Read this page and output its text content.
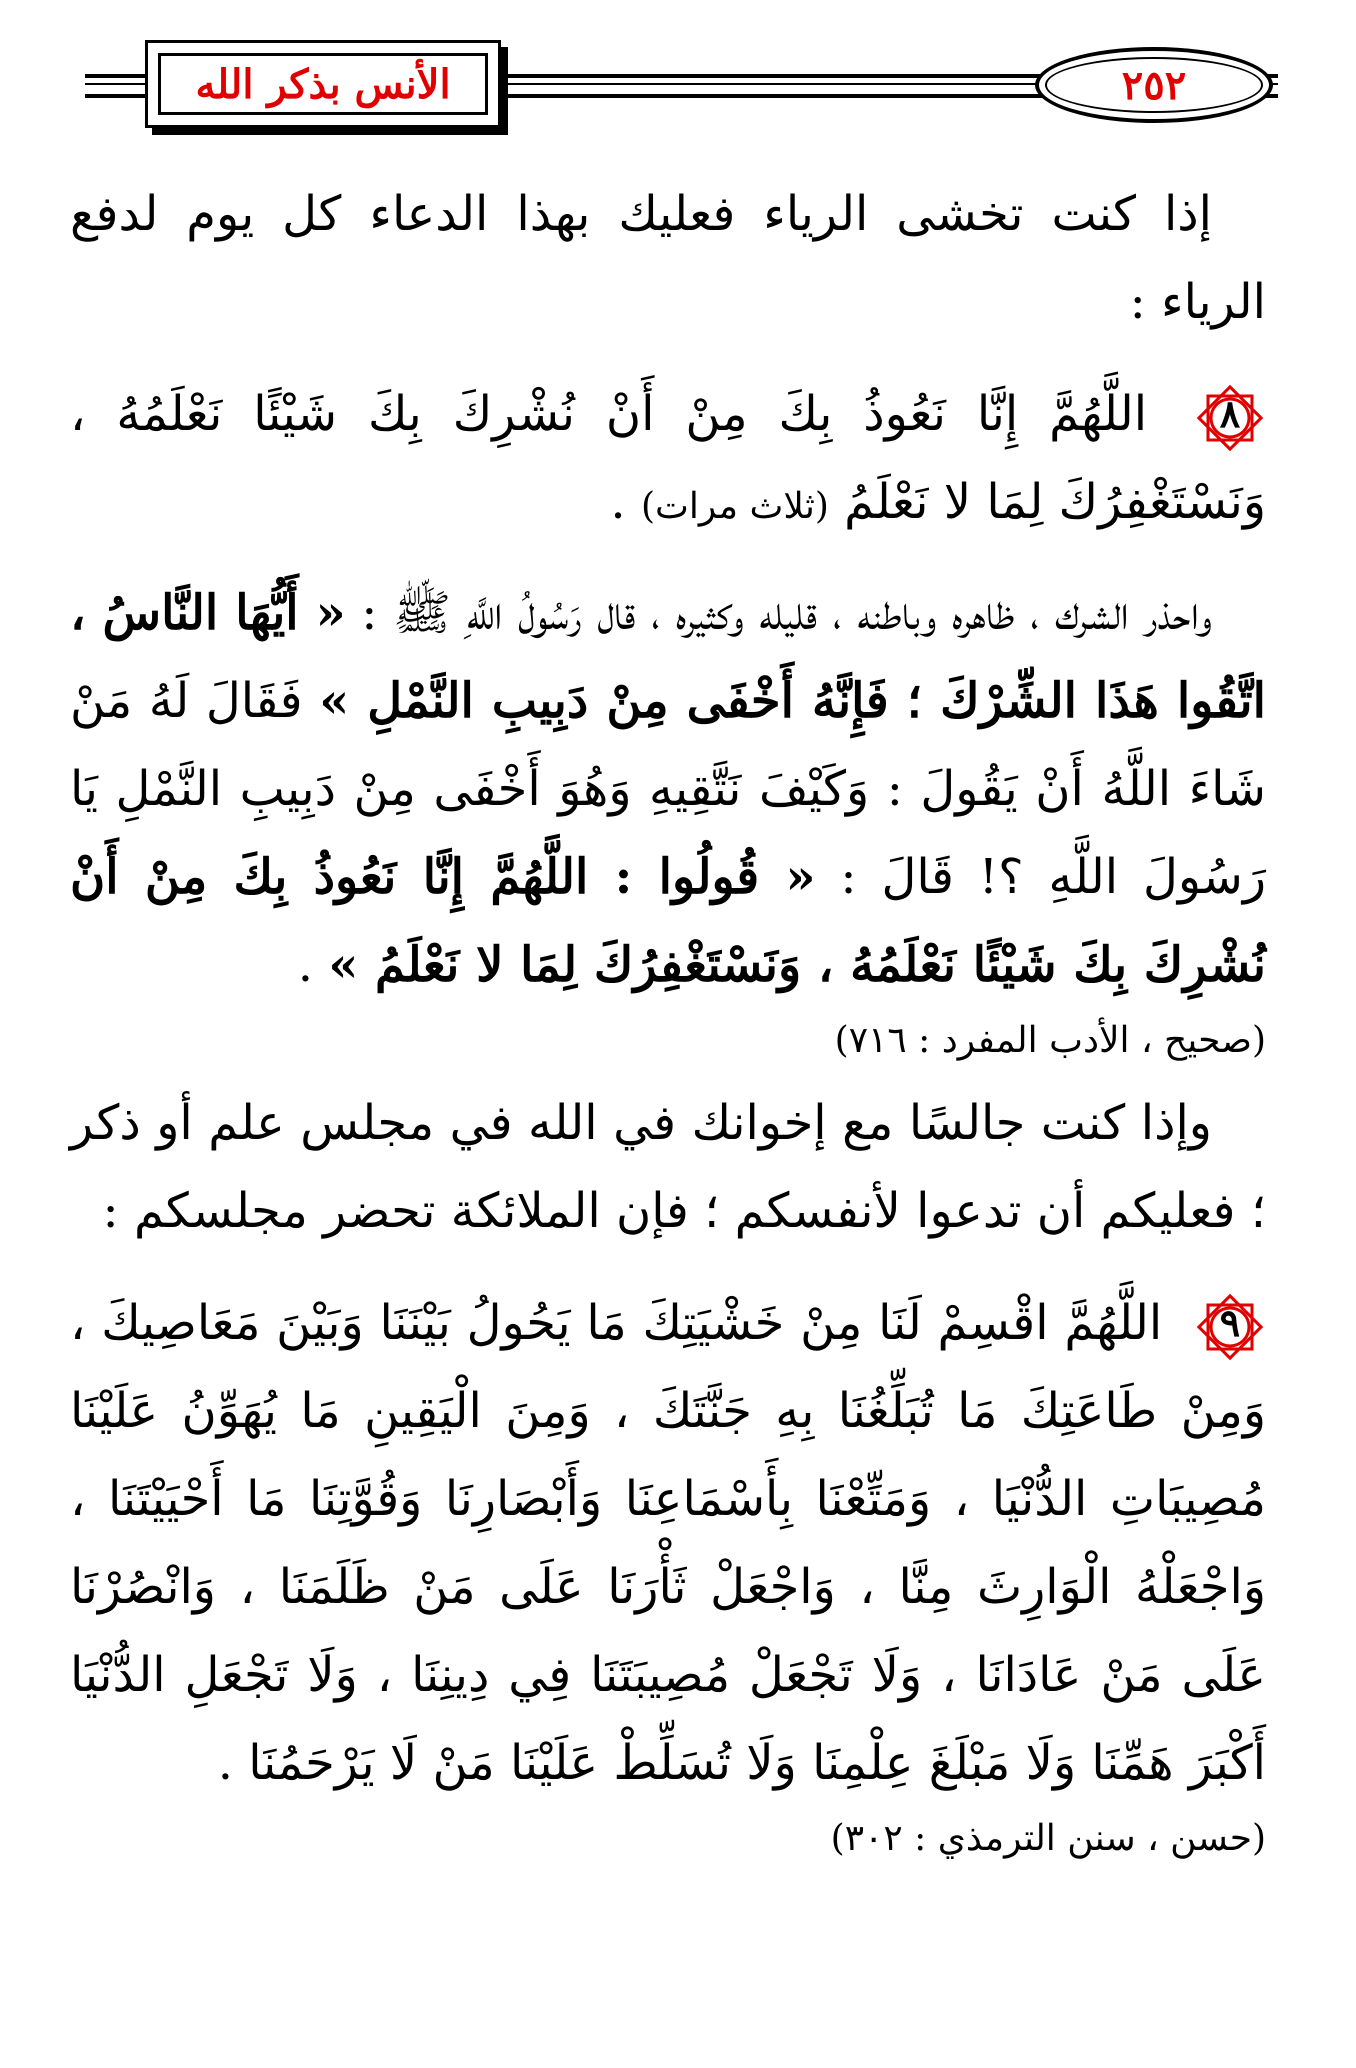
الأنس بذكر الله	٢٥٢

إذا كنت تخشى الرياء فعليك بهذا الدعاء كل يوم لدفع الرياء :

٨
اللَّهُمَّ إِنَّا نَعُوذُ بِكَ مِنْ أَنْ نُشْرِكَ بِكَ شَيْئًا نَعْلَمُهُ ، وَنَسْتَغْفِرُكَ لِمَا لا نَعْلَمُ (ثلاث مرات) .

واحذر الشرك ، ظاهره وباطنه ، قليله وكثيره ، قال رَسُولُ اللَّهِ ﷺ : « أَيُّهَا النَّاسُ ، اتَّقُوا هَذَا الشِّرْكَ ؛ فَإِنَّهُ أَخْفَى مِنْ دَبِيبِ النَّمْلِ » فَقَالَ لَهُ مَنْ شَاءَ اللَّهُ أَنْ يَقُولَ : وَكَيْفَ نَتَّقِيهِ وَهُوَ أَخْفَى مِنْ دَبِيبِ النَّمْلِ يَا رَسُولَ اللَّهِ ؟! قَالَ : « قُولُوا : اللَّهُمَّ إِنَّا نَعُوذُ بِكَ مِنْ أَنْ نُشْرِكَ بِكَ شَيْئًا نَعْلَمُهُ ، وَنَسْتَغْفِرُكَ لِمَا لا نَعْلَمُ » .

(صحيح ، الأدب المفرد : ٧١٦)

وإذا كنت جالسًا مع إخوانك في الله في مجلس علم أو ذكر ؛ فعليكم أن تدعوا لأنفسكم ؛ فإن الملائكة تحضر مجلسكم :

٩
اللَّهُمَّ اقْسِمْ لَنَا مِنْ خَشْيَتِكَ مَا يَحُولُ بَيْنَنَا وَبَيْنَ مَعَاصِيكَ ، وَمِنْ طَاعَتِكَ مَا تُبَلِّغُنَا بِهِ جَنَّتَكَ ، وَمِنَ الْيَقِينِ مَا يُهَوِّنُ عَلَيْنَا مُصِيبَاتِ الدُّنْيَا ، وَمَتِّعْنَا بِأَسْمَاعِنَا وَأَبْصَارِنَا وَقُوَّتِنَا مَا أَحْيَيْتَنَا ، وَاجْعَلْهُ الْوَارِثَ مِنَّا ، وَاجْعَلْ ثَأْرَنَا عَلَى مَنْ ظَلَمَنَا ، وَانْصُرْنَا عَلَى مَنْ عَادَانَا ، وَلَا تَجْعَلْ مُصِيبَتَنَا فِي دِينِنَا ، وَلَا تَجْعَلِ الدُّنْيَا أَكْبَرَ هَمِّنَا وَلَا مَبْلَغَ عِلْمِنَا وَلَا تُسَلِّطْ عَلَيْنَا مَنْ لَا يَرْحَمُنَا .

(حسن ، سنن الترمذي : ٣٠٢)
